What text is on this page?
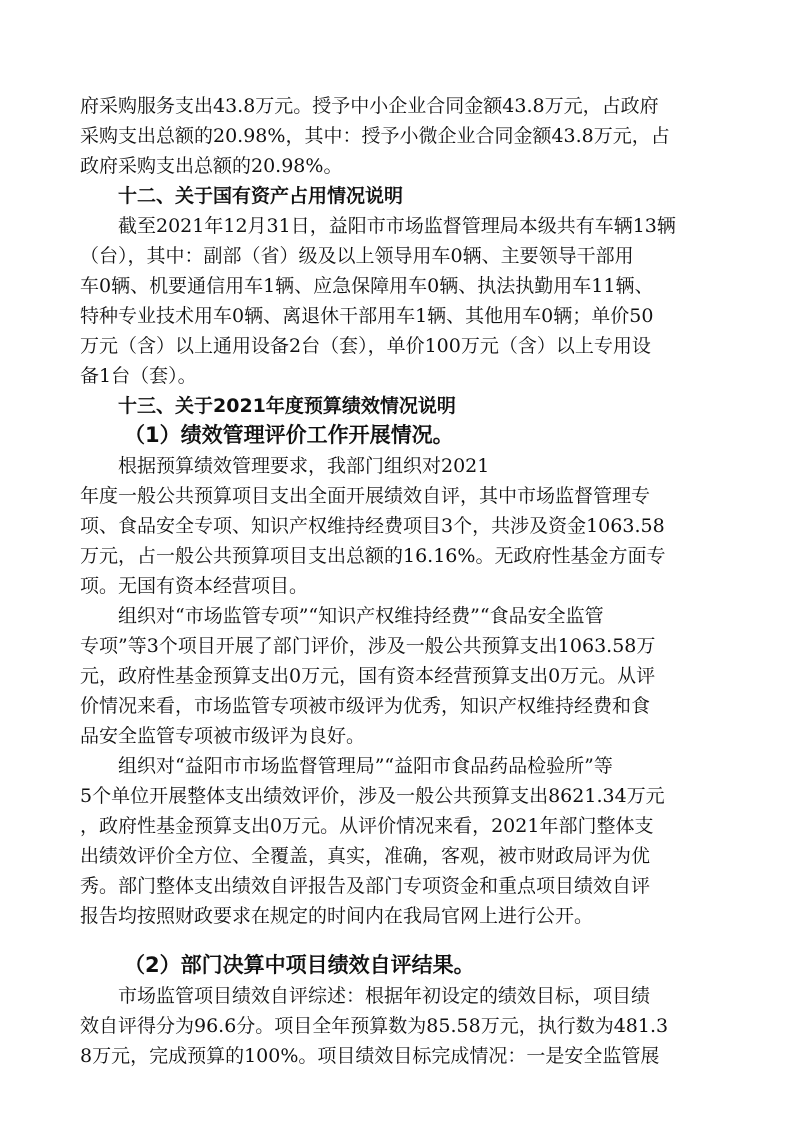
府采购服务支出43.8万元。授予中小企业合同金额43.8万元，占政府
采购支出总额的20.98%，其中：授予小微企业合同金额43.8万元，占
政府采购支出总额的20.98%。
十二、关于国有资产占用情况说明
截至2021年12月31日，益阳市市场监督管理局本级共有车辆13辆
（台），其中：副部（省）级及以上领导用车0辆、主要领导干部用
车0辆、机要通信用车1辆、应急保障用车0辆、执法执勤用车11辆、
特种专业技术用车0辆、离退休干部用车1辆、其他用车0辆；单价50
万元（含）以上通用设备2台（套），单价100万元（含）以上专用设
备1台（套）。
十三、关于2021年度预算绩效情况说明
（1）绩效管理评价工作开展情况。
根据预算绩效管理要求，我部门组织对2021
年度一般公共预算项目支出全面开展绩效自评，其中市场监督管理专
项、食品安全专项、知识产权维持经费项目3个，共涉及资金1063.58
万元，占一般公共预算项目支出总额的16.16%。无政府性基金方面专
项。无国有资本经营项目。
组织对“市场监管专项”“知识产权维持经费”“食品安全监管
专项”等3个项目开展了部门评价，涉及一般公共预算支出1063.58万
元，政府性基金预算支出0万元，国有资本经营预算支出0万元。从评
价情况来看，市场监管专项被市级评为优秀，知识产权维持经费和食
品安全监管专项被市级评为良好。
组织对“益阳市市场监督管理局”“益阳市食品药品检验所”等
5个单位开展整体支出绩效评价，涉及一般公共预算支出8621.34万元
，政府性基金预算支出0万元。从评价情况来看，2021年部门整体支
出绩效评价全方位、全覆盖，真实，准确，客观，被市财政局评为优
秀。部门整体支出绩效自评报告及部门专项资金和重点项目绩效自评
报告均按照财政要求在规定的时间内在我局官网上进行公开。
（2）部门决算中项目绩效自评结果。
市场监管项目绩效自评综述：根据年初设定的绩效目标，项目绩
效自评得分为96.6分。项目全年预算数为85.58万元，执行数为481.3
8万元，完成预算的100%。项目绩效目标完成情况：一是安全监管展
